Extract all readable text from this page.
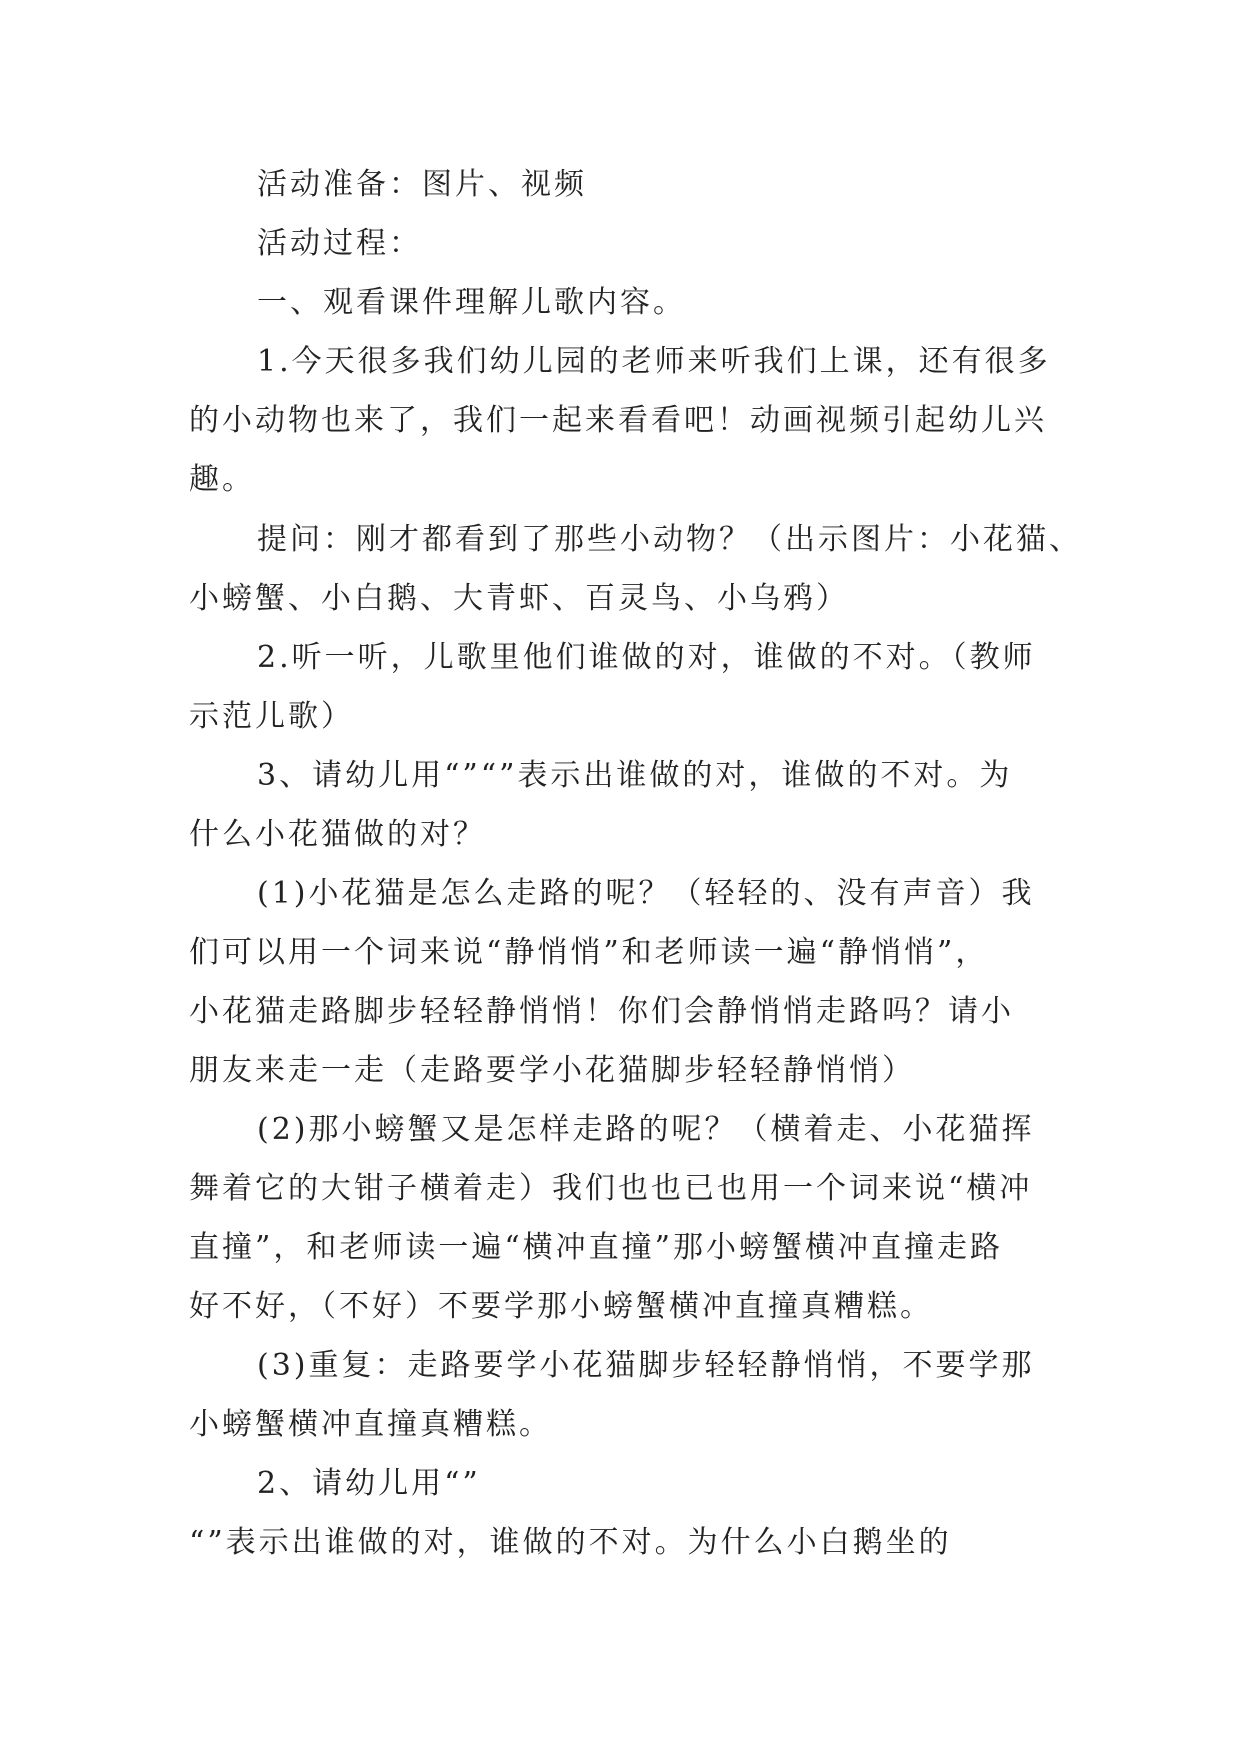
活动准备：图片、视频
活动过程：
一、观看课件理解儿歌内容。
1.今天很多我们幼儿园的老师来听我们上课，还有很多
的小动物也来了，我们一起来看看吧！动画视频引起幼儿兴
趣。
提问：刚才都看到了那些小动物？（出示图片：小花猫、
小螃蟹、小白鹅、大青虾、百灵鸟、小乌鸦）
2.听一听，儿歌里他们谁做的对，谁做的不对。（教师
示范儿歌）
3、请幼儿用“”“”表示出谁做的对，谁做的不对。为
什么小花猫做的对？
(1)小花猫是怎么走路的呢？（轻轻的、没有声音）我
们可以用一个词来说“静悄悄”和老师读一遍“静悄悄”，
小花猫走路脚步轻轻静悄悄！你们会静悄悄走路吗？请小
朋友来走一走（走路要学小花猫脚步轻轻静悄悄）
(2)那小螃蟹又是怎样走路的呢？（横着走、小花猫挥
舞着它的大钳子横着走）我们也也已也用一个词来说“横冲
直撞”，和老师读一遍“横冲直撞”那小螃蟹横冲直撞走路
好不好，（不好）不要学那小螃蟹横冲直撞真糟糕。
(3)重复：走路要学小花猫脚步轻轻静悄悄，不要学那
小螃蟹横冲直撞真糟糕。
2、请幼儿用“”
“”表示出谁做的对，谁做的不对。为什么小白鹅坐的
